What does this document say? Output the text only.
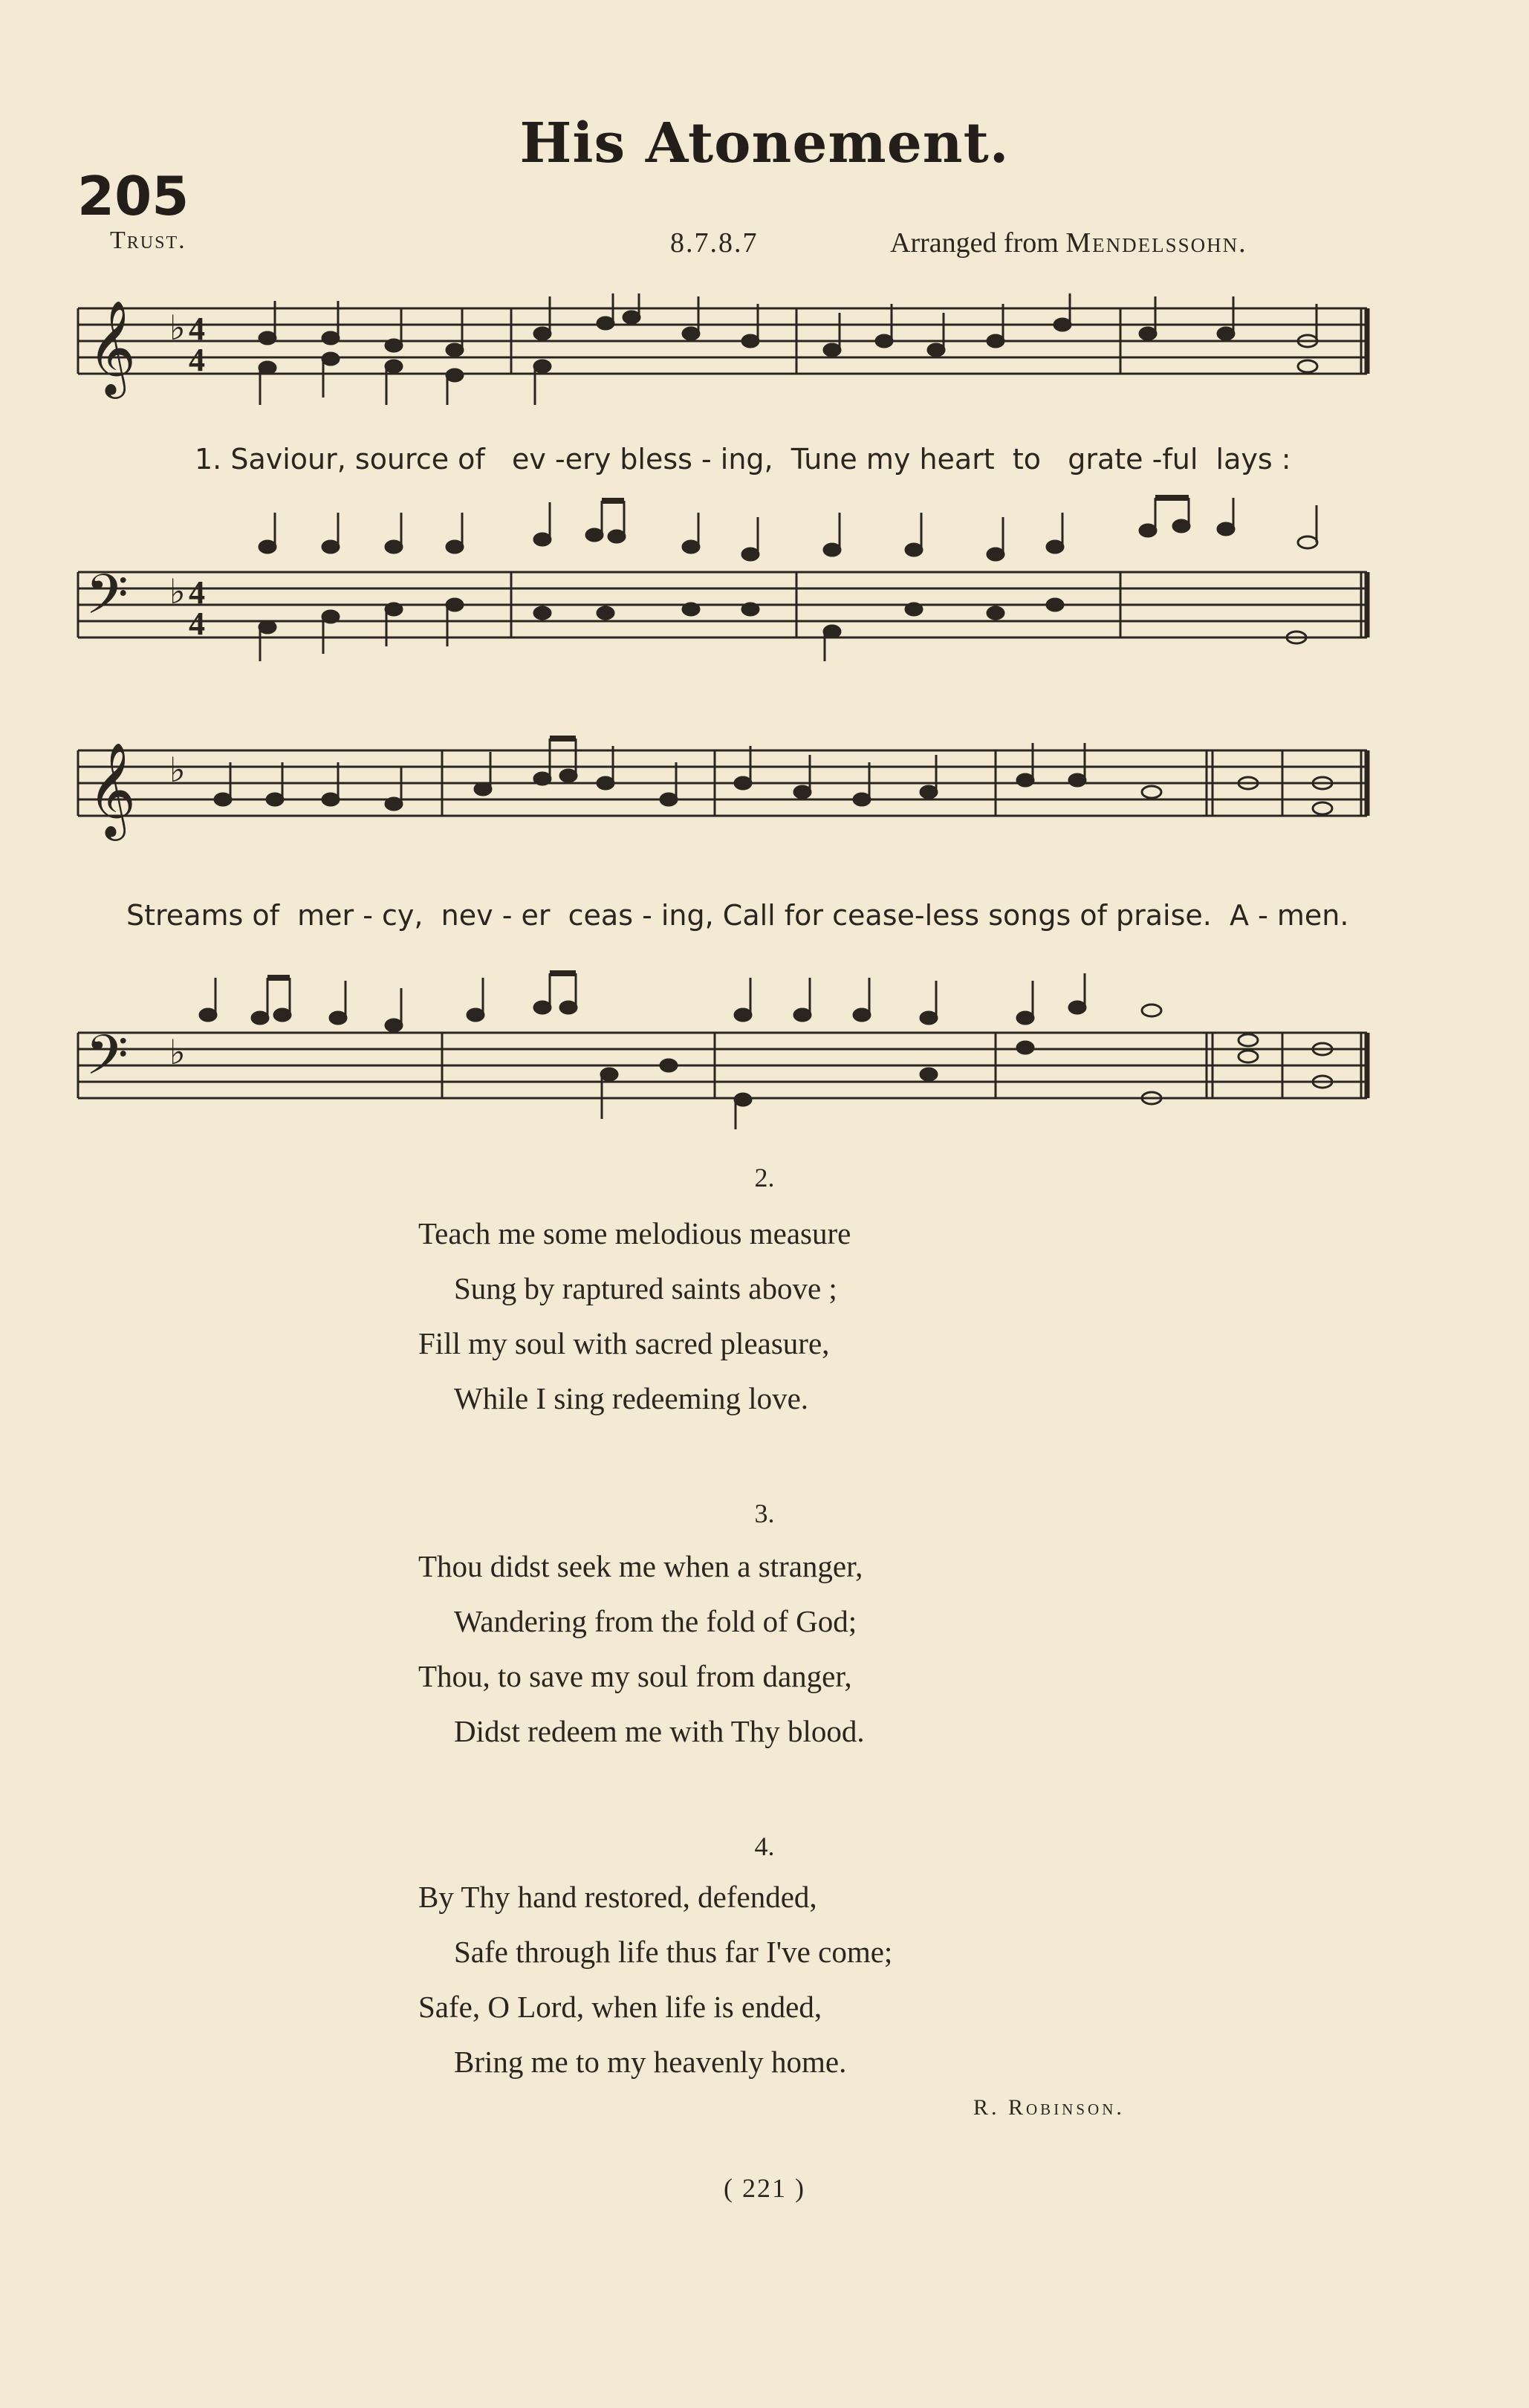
His Atonement.
205
Trust.	8.7.8.7	Arranged from Mendelssohn.
𝄞 ♭ 4
4
1. Saviour, source of   ev -ery bless - ing,  Tune my heart  to   grate -ful  lays :
𝄢 ♭ 4
4
𝄞 ♭
Streams of  mer - cy,  nev - er  ceas - ing, Call for cease-less songs of praise.  A - men.
𝄢 ♭
2.
Teach me some melodious measure
Sung by raptured saints above ;
Fill my soul with sacred pleasure,
While I sing redeeming love.
3.
Thou didst seek me when a stranger,
Wandering from the fold of God;
Thou, to save my soul from danger,
Didst redeem me with Thy blood.
4.
By Thy hand restored, defended,
Safe through life thus far I've come;
Safe, O Lord, when life is ended,
Bring me to my heavenly home.
R. Robinson.
( 221 )
